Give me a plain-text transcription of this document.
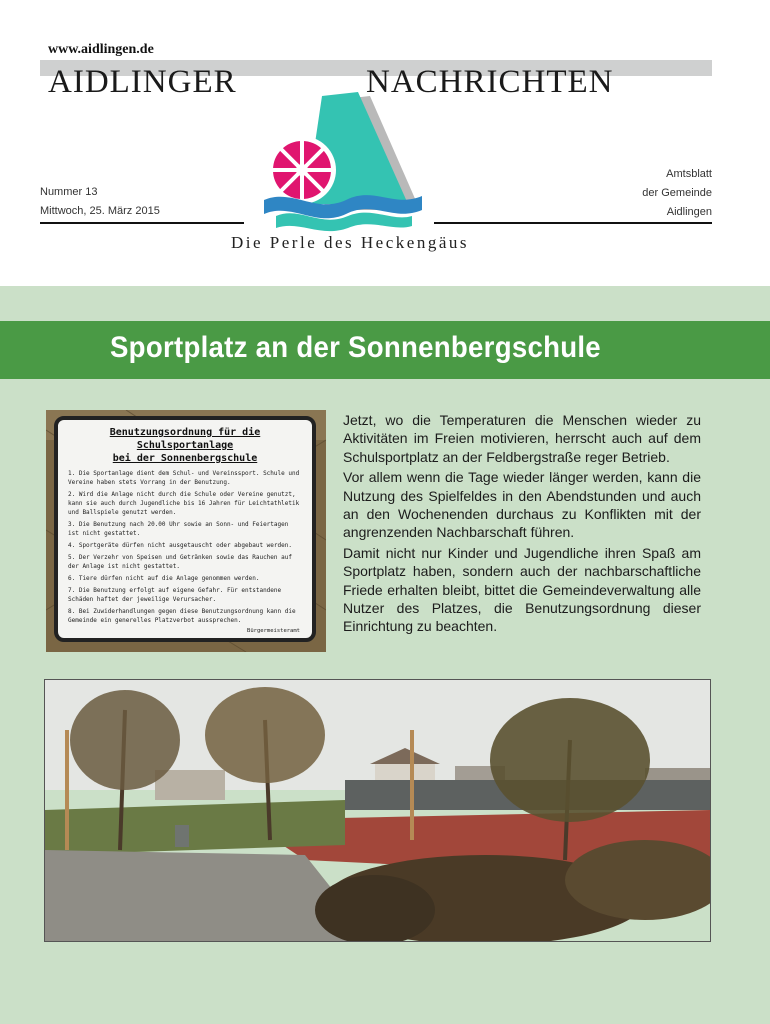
www.aidlingen.de
AIDLINGER	NACHRICHTEN
Nummer 13
Mittwoch, 25. März 2015
Amtsblatt
der Gemeinde
Aidlingen
Die Perle des Heckengäus
Sportplatz an der Sonnenbergschule
Benutzungsordnung für die Schulsportanlage
bei der Sonnenbergschule
1. Die Sportanlage dient dem Schul- und Vereinssport. Schule und Vereine haben stets Vorrang in der Benutzung.
2. Wird die Anlage nicht durch die Schule oder Vereine genutzt, kann sie auch durch Jugendliche bis 16 Jahren für Leichtathletik und Ballspiele genutzt werden.
3. Die Benutzung nach 20.00 Uhr sowie an Sonn- und Feiertagen ist nicht gestattet.
4. Sportgeräte dürfen nicht ausgetauscht oder abgebaut werden.
5. Der Verzehr von Speisen und Getränken sowie das Rauchen auf der Anlage ist nicht gestattet.
6. Tiere dürfen nicht auf die Anlage genommen werden.
7. Die Benutzung erfolgt auf eigene Gefahr. Für entstandene Schäden haftet der jeweilige Verursacher.
8. Bei Zuwiderhandlungen gegen diese Benutzungsordnung kann die Gemeinde ein generelles Platzverbot aussprechen.
Bürgermeisteramt

Jetzt, wo die Temperaturen die Menschen wieder zu Aktivitäten im Freien motivieren, herrscht auch auf dem Schulsportplatz an der Feldbergstraße reger Betrieb.

Vor allem wenn die Tage wieder länger werden, kann die Nutzung des Spielfeldes in den Abendstunden und auch an den Wochenenden durchaus zu Konflikten mit der angrenzenden Nachbarschaft führen.

Damit nicht nur Kinder und Jugendliche ihren Spaß am Sportplatz haben, sondern auch der nachbarschaftliche Friede erhalten bleibt, bittet die Gemeindeverwaltung alle Nutzer des Platzes, die Benutzungsordnung dieser Einrichtung zu beachten.
